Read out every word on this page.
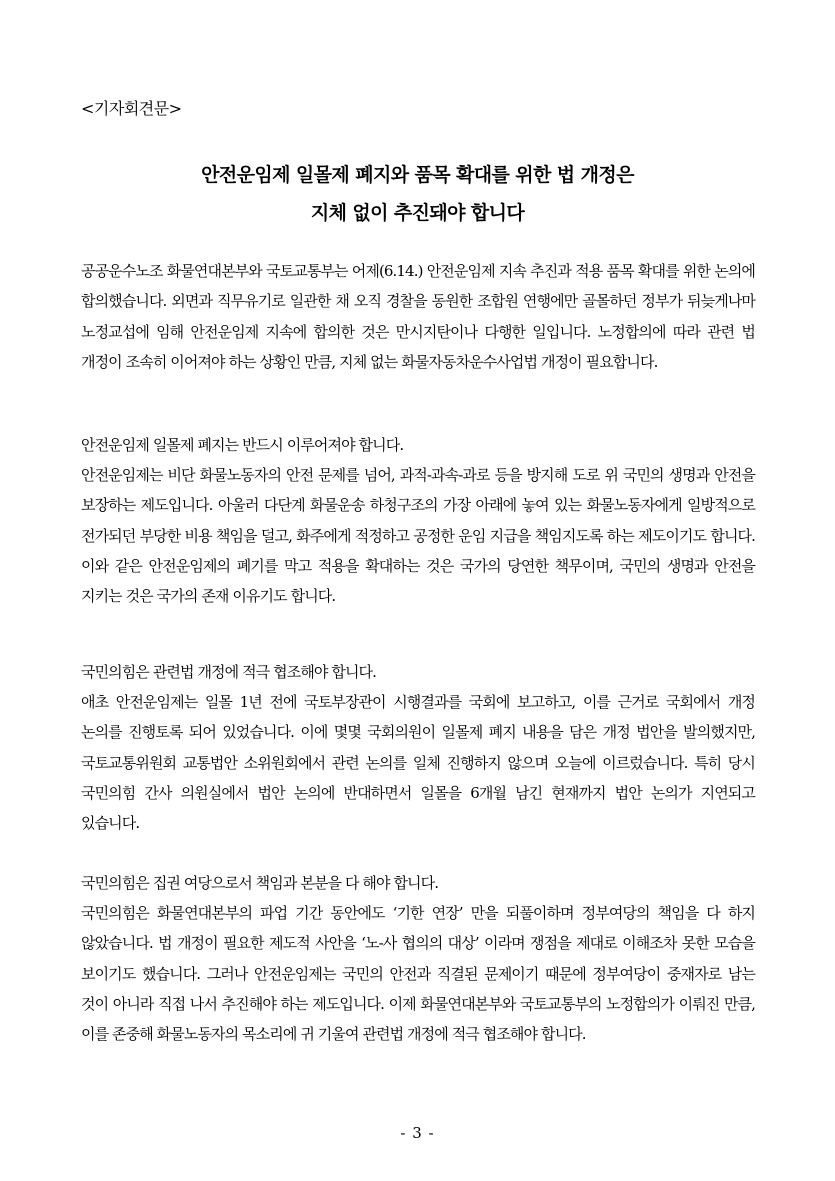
<기자회견문>
안전운임제 일몰제 폐지와 품목 확대를 위한 법 개정은
지체 없이 추진돼야 합니다
공공운수노조 화물연대본부와 국토교통부는 어제(6.14.) 안전운임제 지속 추진과 적용 품목 확대를 위한 논의에 합의했습니다. 외면과 직무유기로 일관한 채 오직 경찰을 동원한 조합원 연행에만 골몰하던 정부가 뒤늦게나마 노정교섭에 임해 안전운임제 지속에 합의한 것은 만시지탄이나 다행한 일입니다. 노정합의에 따라 관련 법 개정이 조속히 이어져야 하는 상황인 만큼, 지체 없는 화물자동차운수사업법 개정이 필요합니다.
안전운임제 일몰제 폐지는 반드시 이루어져야 합니다.
안전운임제는 비단 화물노동자의 안전 문제를 넘어, 과적-과속-과로 등을 방지해 도로 위 국민의 생명과 안전을 보장하는 제도입니다. 아울러 다단계 화물운송 하청구조의 가장 아래에 놓여 있는 화물노동자에게 일방적으로 전가되던 부당한 비용 책임을 덜고, 화주에게 적정하고 공정한 운임 지급을 책임지도록 하는 제도이기도 합니다. 이와 같은 안전운임제의 폐기를 막고 적용을 확대하는 것은 국가의 당연한 책무이며, 국민의 생명과 안전을 지키는 것은 국가의 존재 이유기도 합니다.
국민의힘은 관련법 개정에 적극 협조해야 합니다.
애초 안전운임제는 일몰 1년 전에 국토부장관이 시행결과를 국회에 보고하고, 이를 근거로 국회에서 개정 논의를 진행토록 되어 있었습니다. 이에 몇몇 국회의원이 일몰제 폐지 내용을 담은 개정 법안을 발의했지만, 국토교통위원회 교통법안 소위원회에서 관련 논의를 일체 진행하지 않으며 오늘에 이르렀습니다. 특히 당시 국민의힘 간사 의원실에서 법안 논의에 반대하면서 일몰을 6개월 남긴 현재까지 법안 논의가 지연되고 있습니다.
국민의힘은 집권 여당으로서 책임과 본분을 다 해야 합니다.
국민의힘은 화물연대본부의 파업 기간 동안에도 ‘기한 연장’ 만을 되풀이하며 정부여당의 책임을 다 하지 않았습니다. 법 개정이 필요한 제도적 사안을 ‘노-사 협의의 대상’ 이라며 쟁점을 제대로 이해조차 못한 모습을 보이기도 했습니다. 그러나 안전운임제는 국민의 안전과 직결된 문제이기 때문에 정부여당이 중재자로 남는 것이 아니라 직접 나서 추진해야 하는 제도입니다. 이제 화물연대본부와 국토교통부의 노정합의가 이뤄진 만큼, 이를 존중해 화물노동자의 목소리에 귀 기울여 관련법 개정에 적극 협조해야 합니다.
- 3 -
